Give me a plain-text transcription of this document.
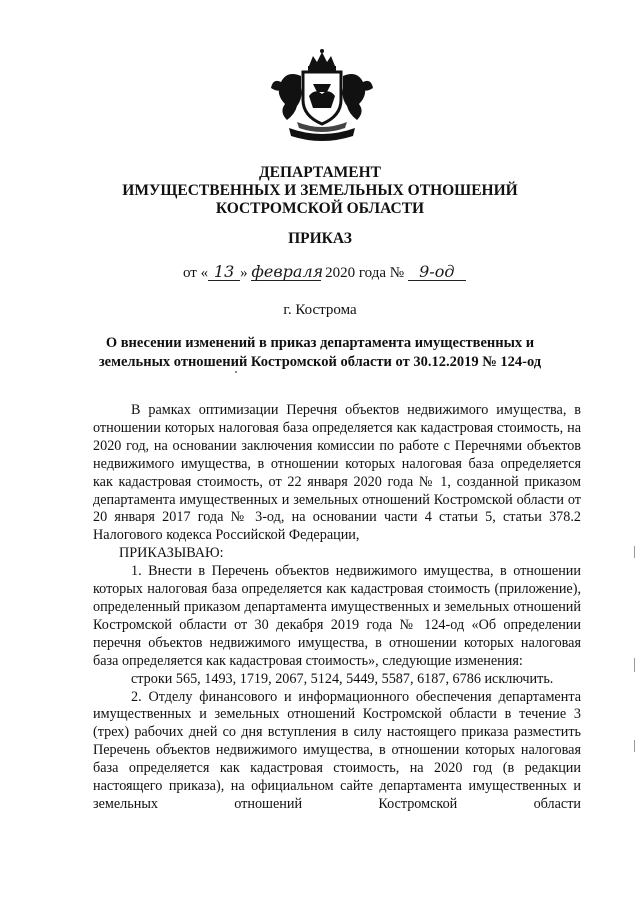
ДЕПАРТАМЕНТ
ИМУЩЕСТВЕННЫХ И ЗЕМЕЛЬНЫХ ОТНОШЕНИЙ
КОСТРОМСКОЙ ОБЛАСТИ
ПРИКАЗ
от « 13 » февраля 2020 года № 9-од
г. Кострома
О внесении изменений в приказ департамента имущественных и земельных отношений Костромской области от 30.12.2019 № 124-од

В рамках оптимизации Перечня объектов недвижимого имущества, в отношении которых налоговая база определяется как кадастровая стоимость, на 2020 год, на основании заключения комиссии по работе с Перечнями объектов недвижимого имущества, в отношении которых налоговая база определяется как кадастровая стоимость, от 22 января 2020 года № 1, созданной приказом департамента имущественных и земельных отношений Костромской области от 20 января 2017 года № 3-од, на основании части 4 статьи 5, статьи 378.2 Налогового кодекса Российской Федерации,

ПРИКАЗЫВАЮ:

1. Внести в Перечень объектов недвижимого имущества, в отношении которых налоговая база определяется как кадастровая стоимость (приложение), определенный приказом департамента имущественных и земельных отношений Костромской области от 30 декабря 2019 года № 124-од «Об определении перечня объектов недвижимого имущества, в отношении которых налоговая база определяется как кадастровая стоимость», следующие изменения:

строки 565, 1493, 1719, 2067, 5124, 5449, 5587, 6187, 6786 исключить.

2. Отделу финансового и информационного обеспечения департамента имущественных и земельных отношений Костромской области в течение 3 (трех) рабочих дней со дня вступления в силу настоящего приказа разместить Перечень объектов недвижимого имущества, в отношении которых налоговая база определяется как кадастровая стоимость, на 2020 год (в редакции настоящего приказа), на официальном сайте департамента имущественных и земельных отношений Костромской области
